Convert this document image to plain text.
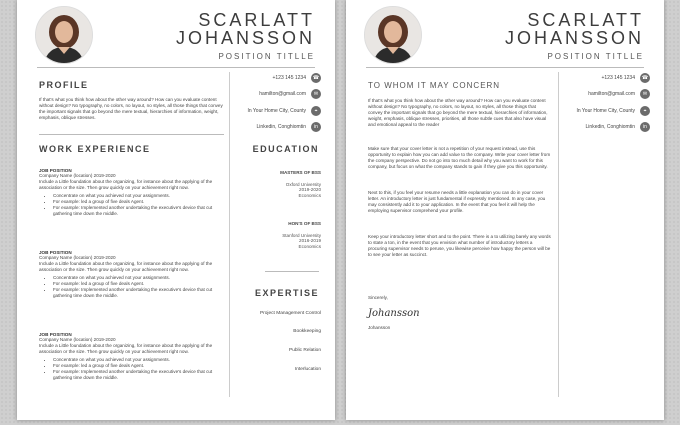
SCARLATT
JOHANSSON
POSITION TITLLE
PROFILE
If that's what you think how about the other way around? How can you evaluate content without design? No typography, no colors, no layout, no styles, all those things that convey the important signals that go beyond the mere textual, hierarchies of information, weight, emphasis, oblique stresses.
+123 145 1234	☎
hamilton@gmail.com	✉
In Your Home City, County	⌖
Linkedin, Conghiomtin	in
WORK EXPERIENCE
JOB POSITION
Company Name (location) 2019-2020
Include a Little foundation about the organizing, for instance about the applying of the association or the size. Then grow quickly on your achievement right now.
• Concentrate on what you achieved not your assignments.
• For example: led a group of five deals Agent.
• For example: Implemented another undertaking the executive's device that cut gathering time down the middle.
JOB POSITION
Company Name (location) 2019-2020
Include a Little foundation about the organizing, for instance about the applying of the association or the size. Then grow quickly on your achievement right now.
• Concentrate on what you achieved not your assignments.
• For example: led a group of five deals Agent.
• For example: Implemented another undertaking the executive's device that cut gathering time down the middle.
JOB POSITION
Company Name (location) 2019-2020
Include a Little foundation about the organizing, for instance about the applying of the association or the size. Then grow quickly on your achievement right now.
• Concentrate on what you achieved not your assignments.
• For example: led a group of five deals Agent.
• For example: Implemented another undertaking the executive's device that cut gathering time down the middle.
EDUCATION
MASTERS OF BSS
Oxford University
2019-2020
Economics
HON'S OF BSS
Stanford University
2016-2019
Economics
EXPERTISE
Project Management Control
Bookkeeping
Public Relation
Interlucation
SCARLATT
JOHANSSON
POSITION TITLLE
TO WHOM IT MAY CONCERN
+123 145 1234	☎
hamilton@gmail.com	✉
In Your Home City, County	⌖
Linkedin, Conghiomtin	in
If that's what you think how about the other way around? How can you evaluate content without design? No typography, no colors, no layout, no styles, all those things that convey the important signals that go beyond the mere textual, hierarchies of information, weight, emphasis, oblique stresses, priorities, all those subtle cues that also have visual and emotional appeal to the reader
Make sure that your cover letter is not a repetition of your request instead, use this opportunity to explain how you can add value to the company. Write your cover letter from the company perspective. Do not go into too much detail why you want to work for this company, but focus on what the company stands to gain if they give you this opportunity.
Next to this, if you feel your resume needs a little explanation you can do in your cover letter. An introductory letter is just fundamental if expressly mentioned. In any case, you may consistently add it to your application. In the event that you feel it will help the employing supervisor comprehend your profile.
Keep your introductory letter short and to the point. There is a to utilizing barely any words to state a ton, in the event that you envision what number of introductory letters a procuring supervisor needs to peruse, you likewise perceive how happy the person will be to see your letter as succinct.
Sincerely,
Johansson
Johansson
